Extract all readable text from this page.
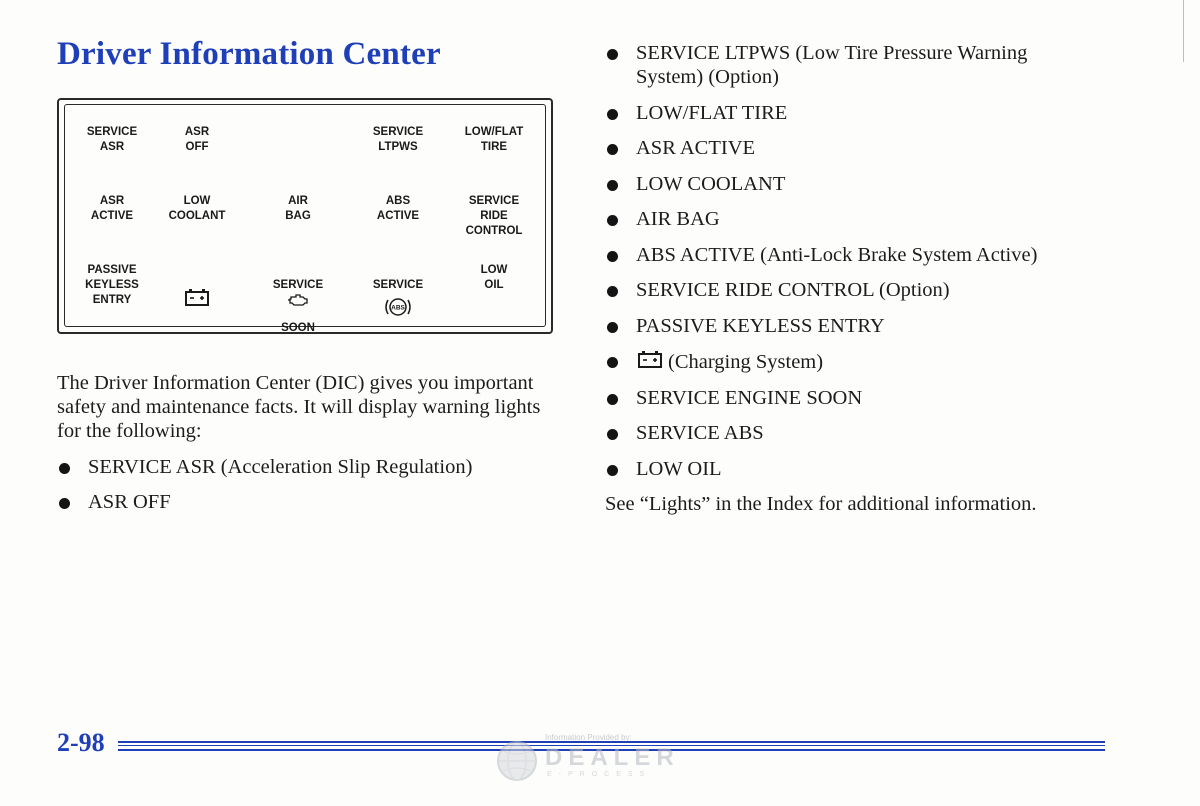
Driver Information Center
SERVICE
ASR
ASR
OFF
SERVICE
LTPWS
LOW/FLAT
TIRE
ASR
ACTIVE
LOW
COOLANT
AIR
BAG
ABS
ACTIVE
SERVICE
RIDE
CONTROL
PASSIVE
KEYLESS
ENTRY

SERVICE

SOON

SERVICE

ABS

LOW
OIL
The Driver Information Center (DIC) gives you important safety and maintenance facts. It will display warning lights for the following:
SERVICE ASR (Acceleration Slip Regulation)
ASR OFF
SERVICE LTPWS (Low Tire Pressure Warning System) (Option)
LOW/FLAT TIRE
ASR ACTIVE
LOW COOLANT
AIR BAG
ABS ACTIVE (Anti-Lock Brake System Active)
SERVICE RIDE CONTROL (Option)
PASSIVE KEYLESS ENTRY
(Charging System)
SERVICE ENGINE SOON
SERVICE ABS
LOW OIL
See “Lights” in the Index for additional information.
2-98	Information Provided by:
DEALER
E-PROCESS
